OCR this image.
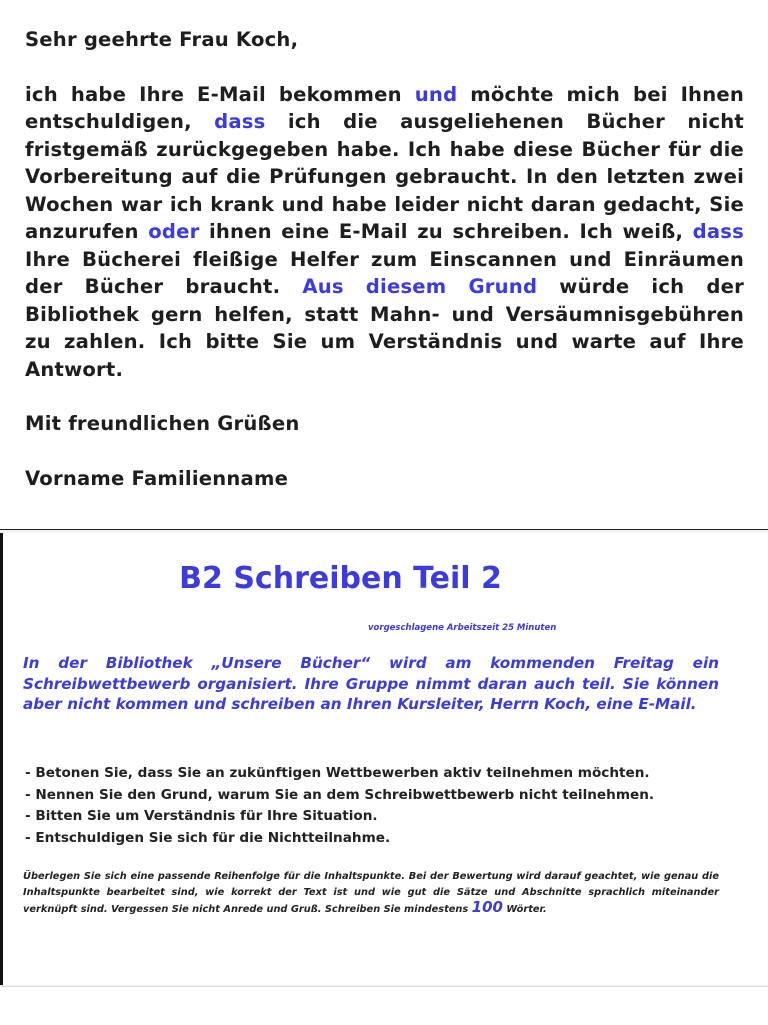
Sehr geehrte Frau Koch,

ich habe Ihre E-Mail bekommen und möchte mich bei Ihnen entschuldigen, dass ich die ausgeliehenen Bücher nicht fristgemäß zurückgegeben habe. Ich habe diese Bücher für die Vorbereitung auf die Prüfungen gebraucht. In den letzten zwei Wochen war ich krank und habe leider nicht daran gedacht, Sie anzurufen oder ihnen eine E-Mail zu schreiben. Ich weiß, dass Ihre Bücherei fleißige Helfer zum Einscannen und Einräumen der Bücher braucht. Aus diesem Grund würde ich der Bibliothek gern helfen, statt Mahn- und Versäumnisgebühren zu zahlen. Ich bitte Sie um Verständnis und warte auf Ihre Antwort.

Mit freundlichen Grüßen

Vorname Familienname

B2 Schreiben Teil 2

vorgeschlagene Arbeitszeit 25 Minuten

In der Bibliothek „Unsere Bücher“ wird am kommenden Freitag ein Schreibwettbewerb organisiert. Ihre Gruppe nimmt daran auch teil. Sie können aber nicht kommen und schreiben an Ihren Kursleiter, Herrn Koch, eine E-Mail.

- Betonen Sie, dass Sie an zukünftigen Wettbewerben aktiv teilnehmen möchten.
- Nennen Sie den Grund, warum Sie an dem Schreibwettbewerb nicht teilnehmen.
- Bitten Sie um Verständnis für Ihre Situation.
- Entschuldigen Sie sich für die Nichtteilnahme.

Überlegen Sie sich eine passende Reihenfolge für die Inhaltspunkte. Bei der Bewertung wird darauf geachtet, wie genau die Inhaltspunkte bearbeitet sind, wie korrekt der Text ist und wie gut die Sätze und Abschnitte sprachlich miteinander verknüpft sind. Vergessen Sie nicht Anrede und Gruß. Schreiben Sie mindestens 100 Wörter.
